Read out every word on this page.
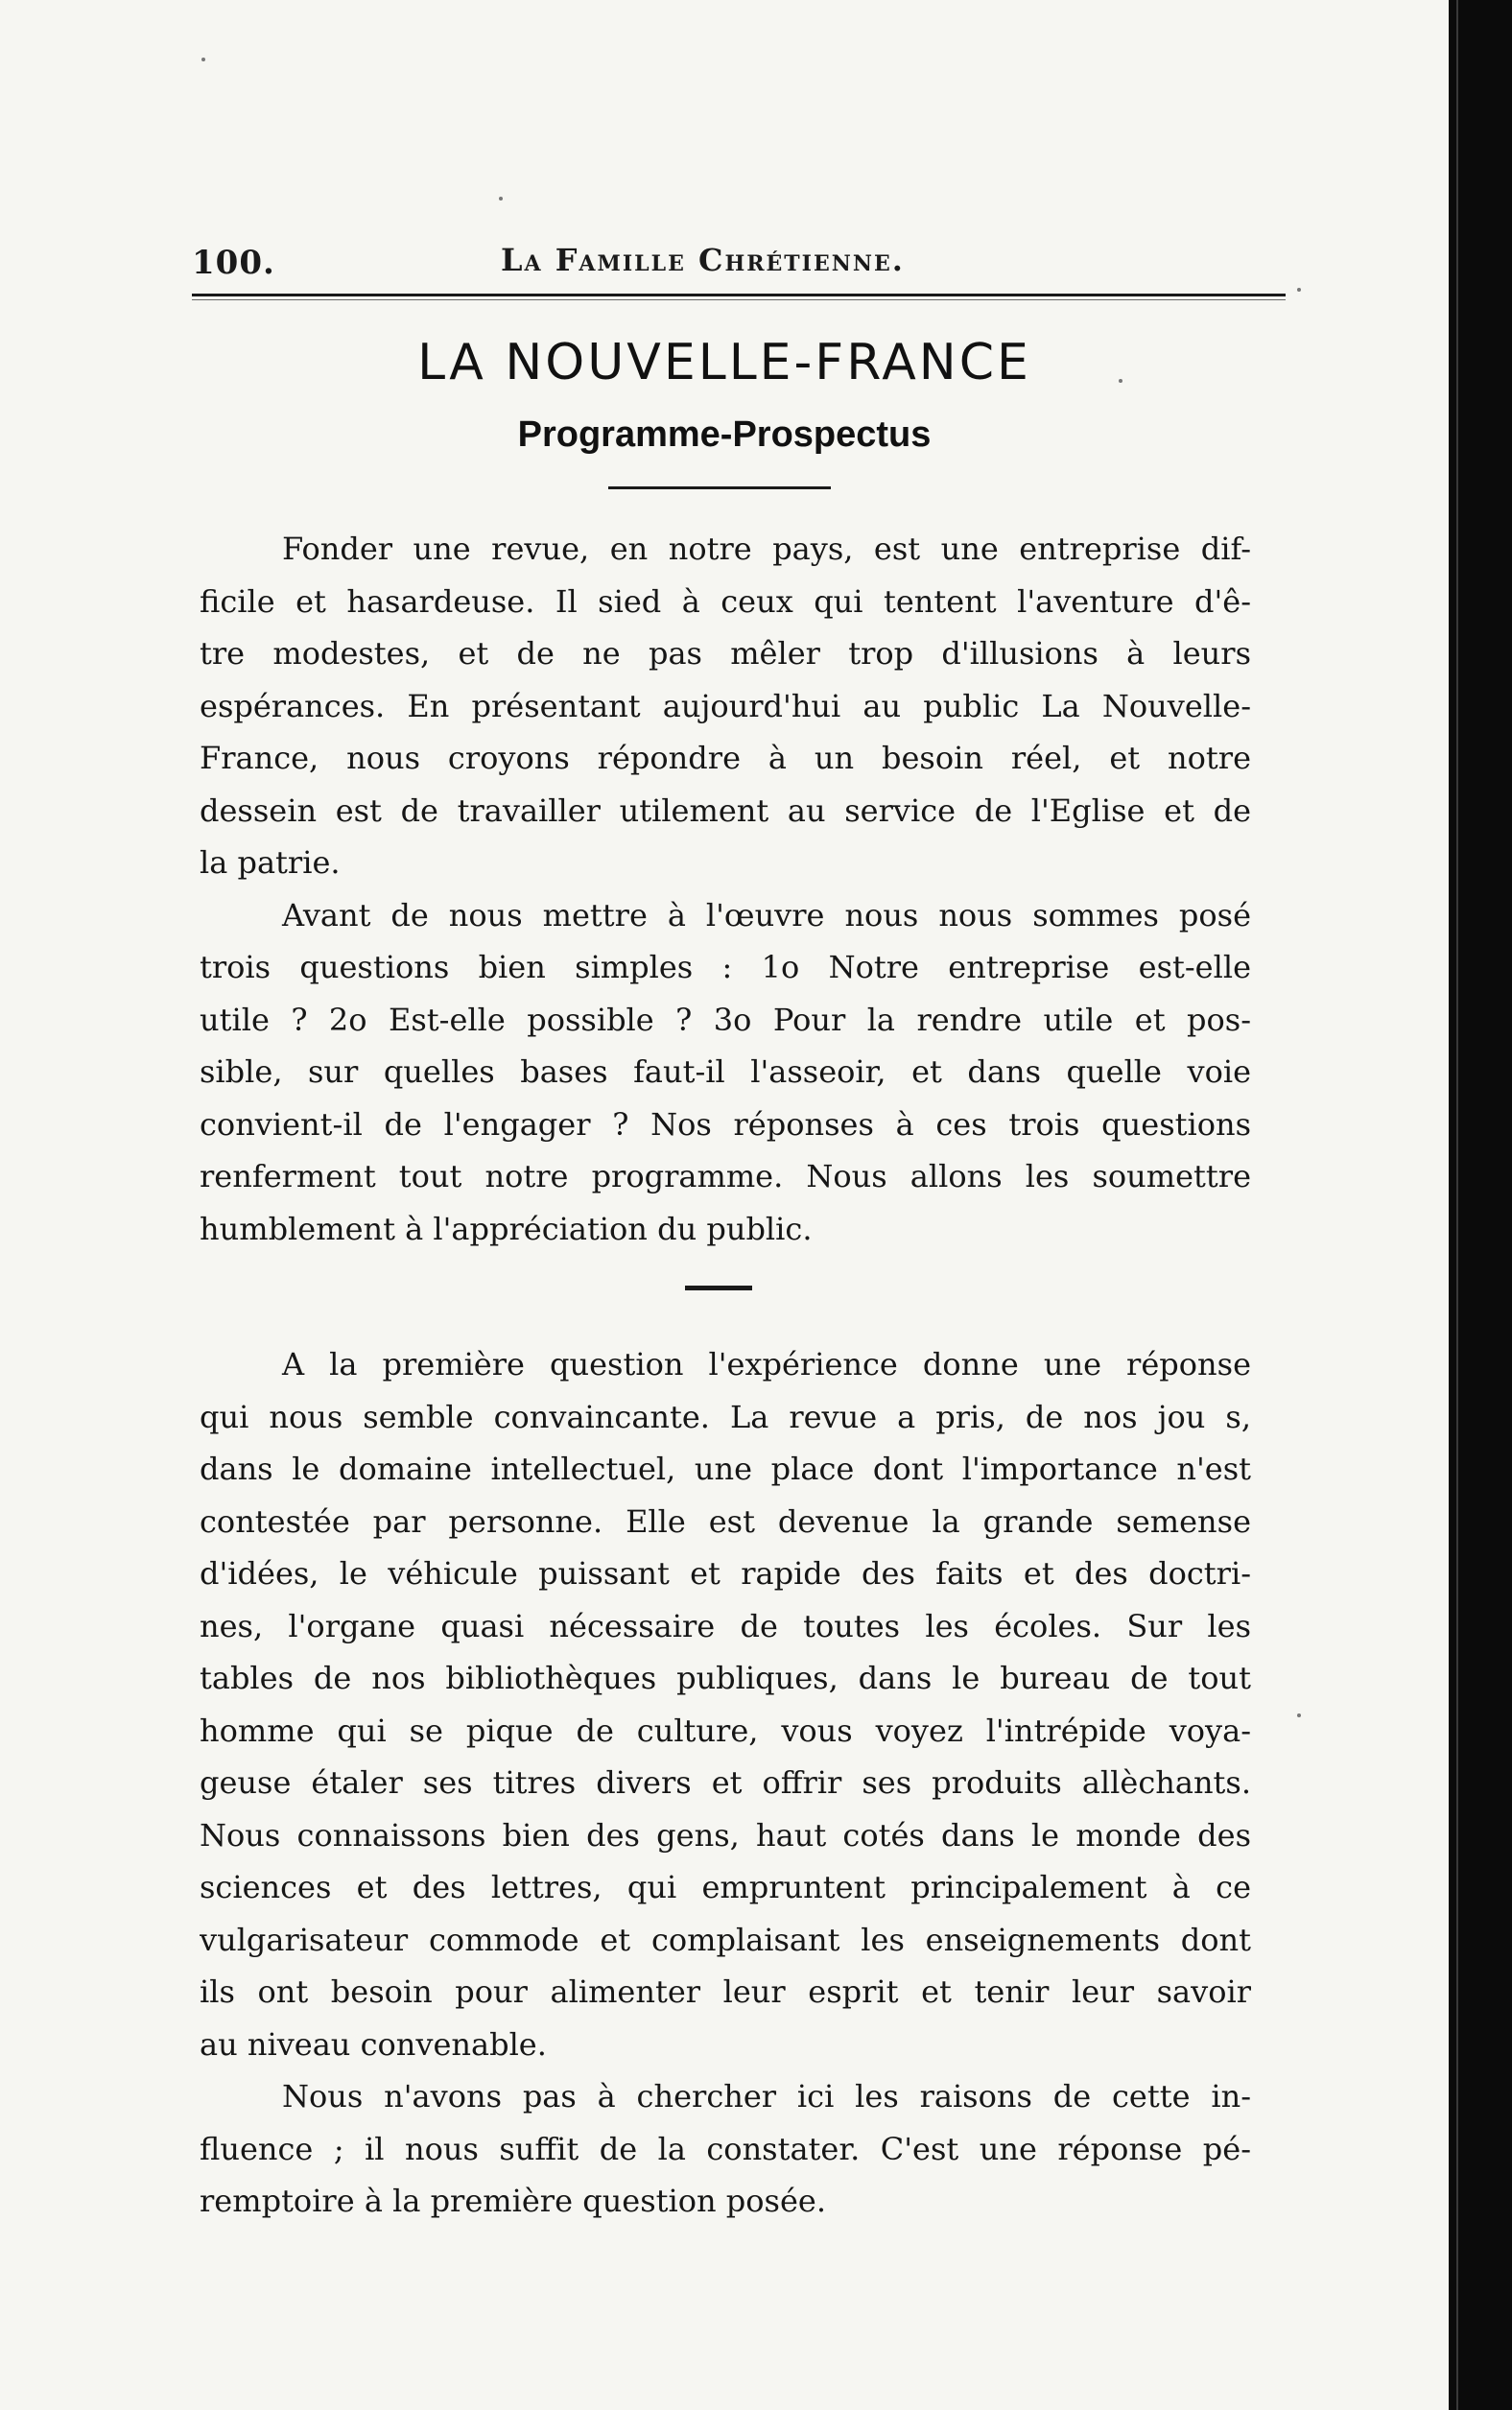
100.	La Famille Chrétienne.
LA NOUVELLE-FRANCE
Programme-Prospectus
Fonder une revue, en notre pays, est une entreprise dif-
ficile et hasardeuse. Il sied à ceux qui tentent l'aventure d'ê-
tre modestes, et de ne pas mêler trop d'illusions à leurs
espérances. En présentant aujourd'hui au public La Nouvelle-
France, nous croyons répondre à un besoin réel, et notre
dessein est de travailler utilement au service de l'Eglise et de
la patrie.
Avant de nous mettre à l'œuvre nous nous sommes posé
trois questions bien simples : 1o Notre entreprise est-elle
utile ? 2o Est-elle possible ? 3o Pour la rendre utile et pos-
sible, sur quelles bases faut-il l'asseoir, et dans quelle voie
convient-il de l'engager ? Nos réponses à ces trois questions
renferment tout notre programme. Nous allons les soumettre
humblement à l'appréciation du public.
A la première question l'expérience donne une réponse
qui nous semble convaincante. La revue a pris, de nos jou s,
dans le domaine intellectuel, une place dont l'importance n'est
contestée par personne. Elle est devenue la grande semense
d'idées, le véhicule puissant et rapide des faits et des doctri-
nes, l'organe quasi nécessaire de toutes les écoles. Sur les
tables de nos bibliothèques publiques, dans le bureau de tout
homme qui se pique de culture, vous voyez l'intrépide voya-
geuse étaler ses titres divers et offrir ses produits allèchants.
Nous connaissons bien des gens, haut cotés dans le monde des
sciences et des lettres, qui empruntent principalement à ce
vulgarisateur commode et complaisant les enseignements dont
ils ont besoin pour alimenter leur esprit et tenir leur savoir
au niveau convenable.
Nous n'avons pas à chercher ici les raisons de cette in-
fluence ; il nous suffit de la constater. C'est une réponse pé-
remptoire à la première question posée.
